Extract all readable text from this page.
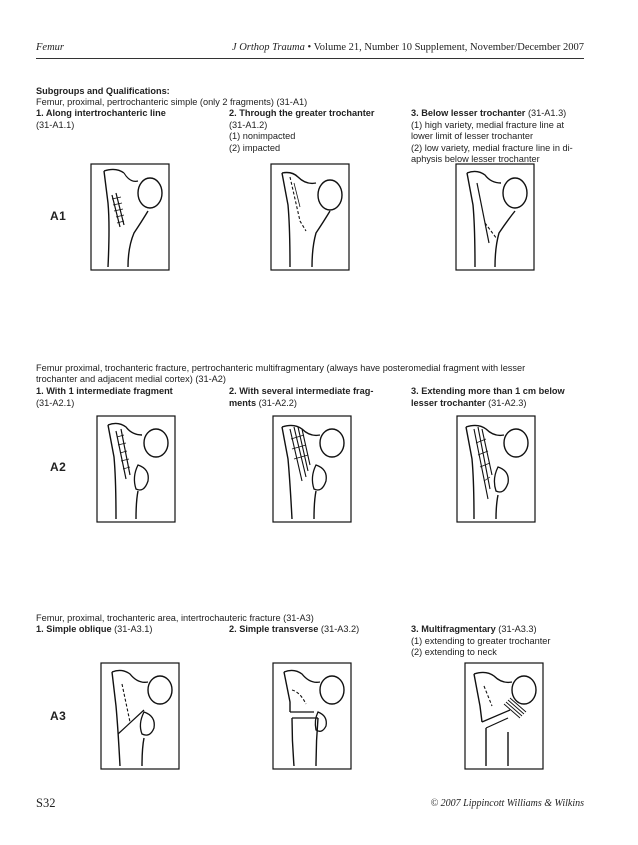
Femur	J Orthop Trauma • Volume 21, Number 10 Supplement, November/December 2007
Subgroups and Qualifications:
Femur, proximal, pertrochanteric simple (only 2 fragments) (31-A1)
1. Along intertrochanteric line
(31-A1.1)
2. Through the greater trochanter
(31-A1.2)
(1) nonimpacted
(2) impacted
3. Below lesser trochanter (31-A1.3)
(1) high variety, medial fracture line at
lower limit of lesser trochanter
(2) low variety, medial fracture line in di-
aphysis below lesser trochanter
A1
Femur proximal, trochanteric fracture, pertrochanteric multifragmentary (always have posteromedial fragment with lesser
trochanter and adjacent medial cortex) (31-A2)
1. With 1 intermediate fragment
(31-A2.1)
2. With several intermediate frag-
ments (31-A2.2)
3. Extending more than 1 cm below
lesser trochanter (31-A2.3)
A2
Femur, proximal, trochanteric area, intertrochauteric fracture (31-A3)
1. Simple oblique (31-A3.1)	2. Simple transverse (31-A3.2)	3. Multifragmentary (31-A3.3)
(1) extending to greater trochanter
(2) extending to neck
A3
S32	© 2007 Lippincott Williams & Wilkins
